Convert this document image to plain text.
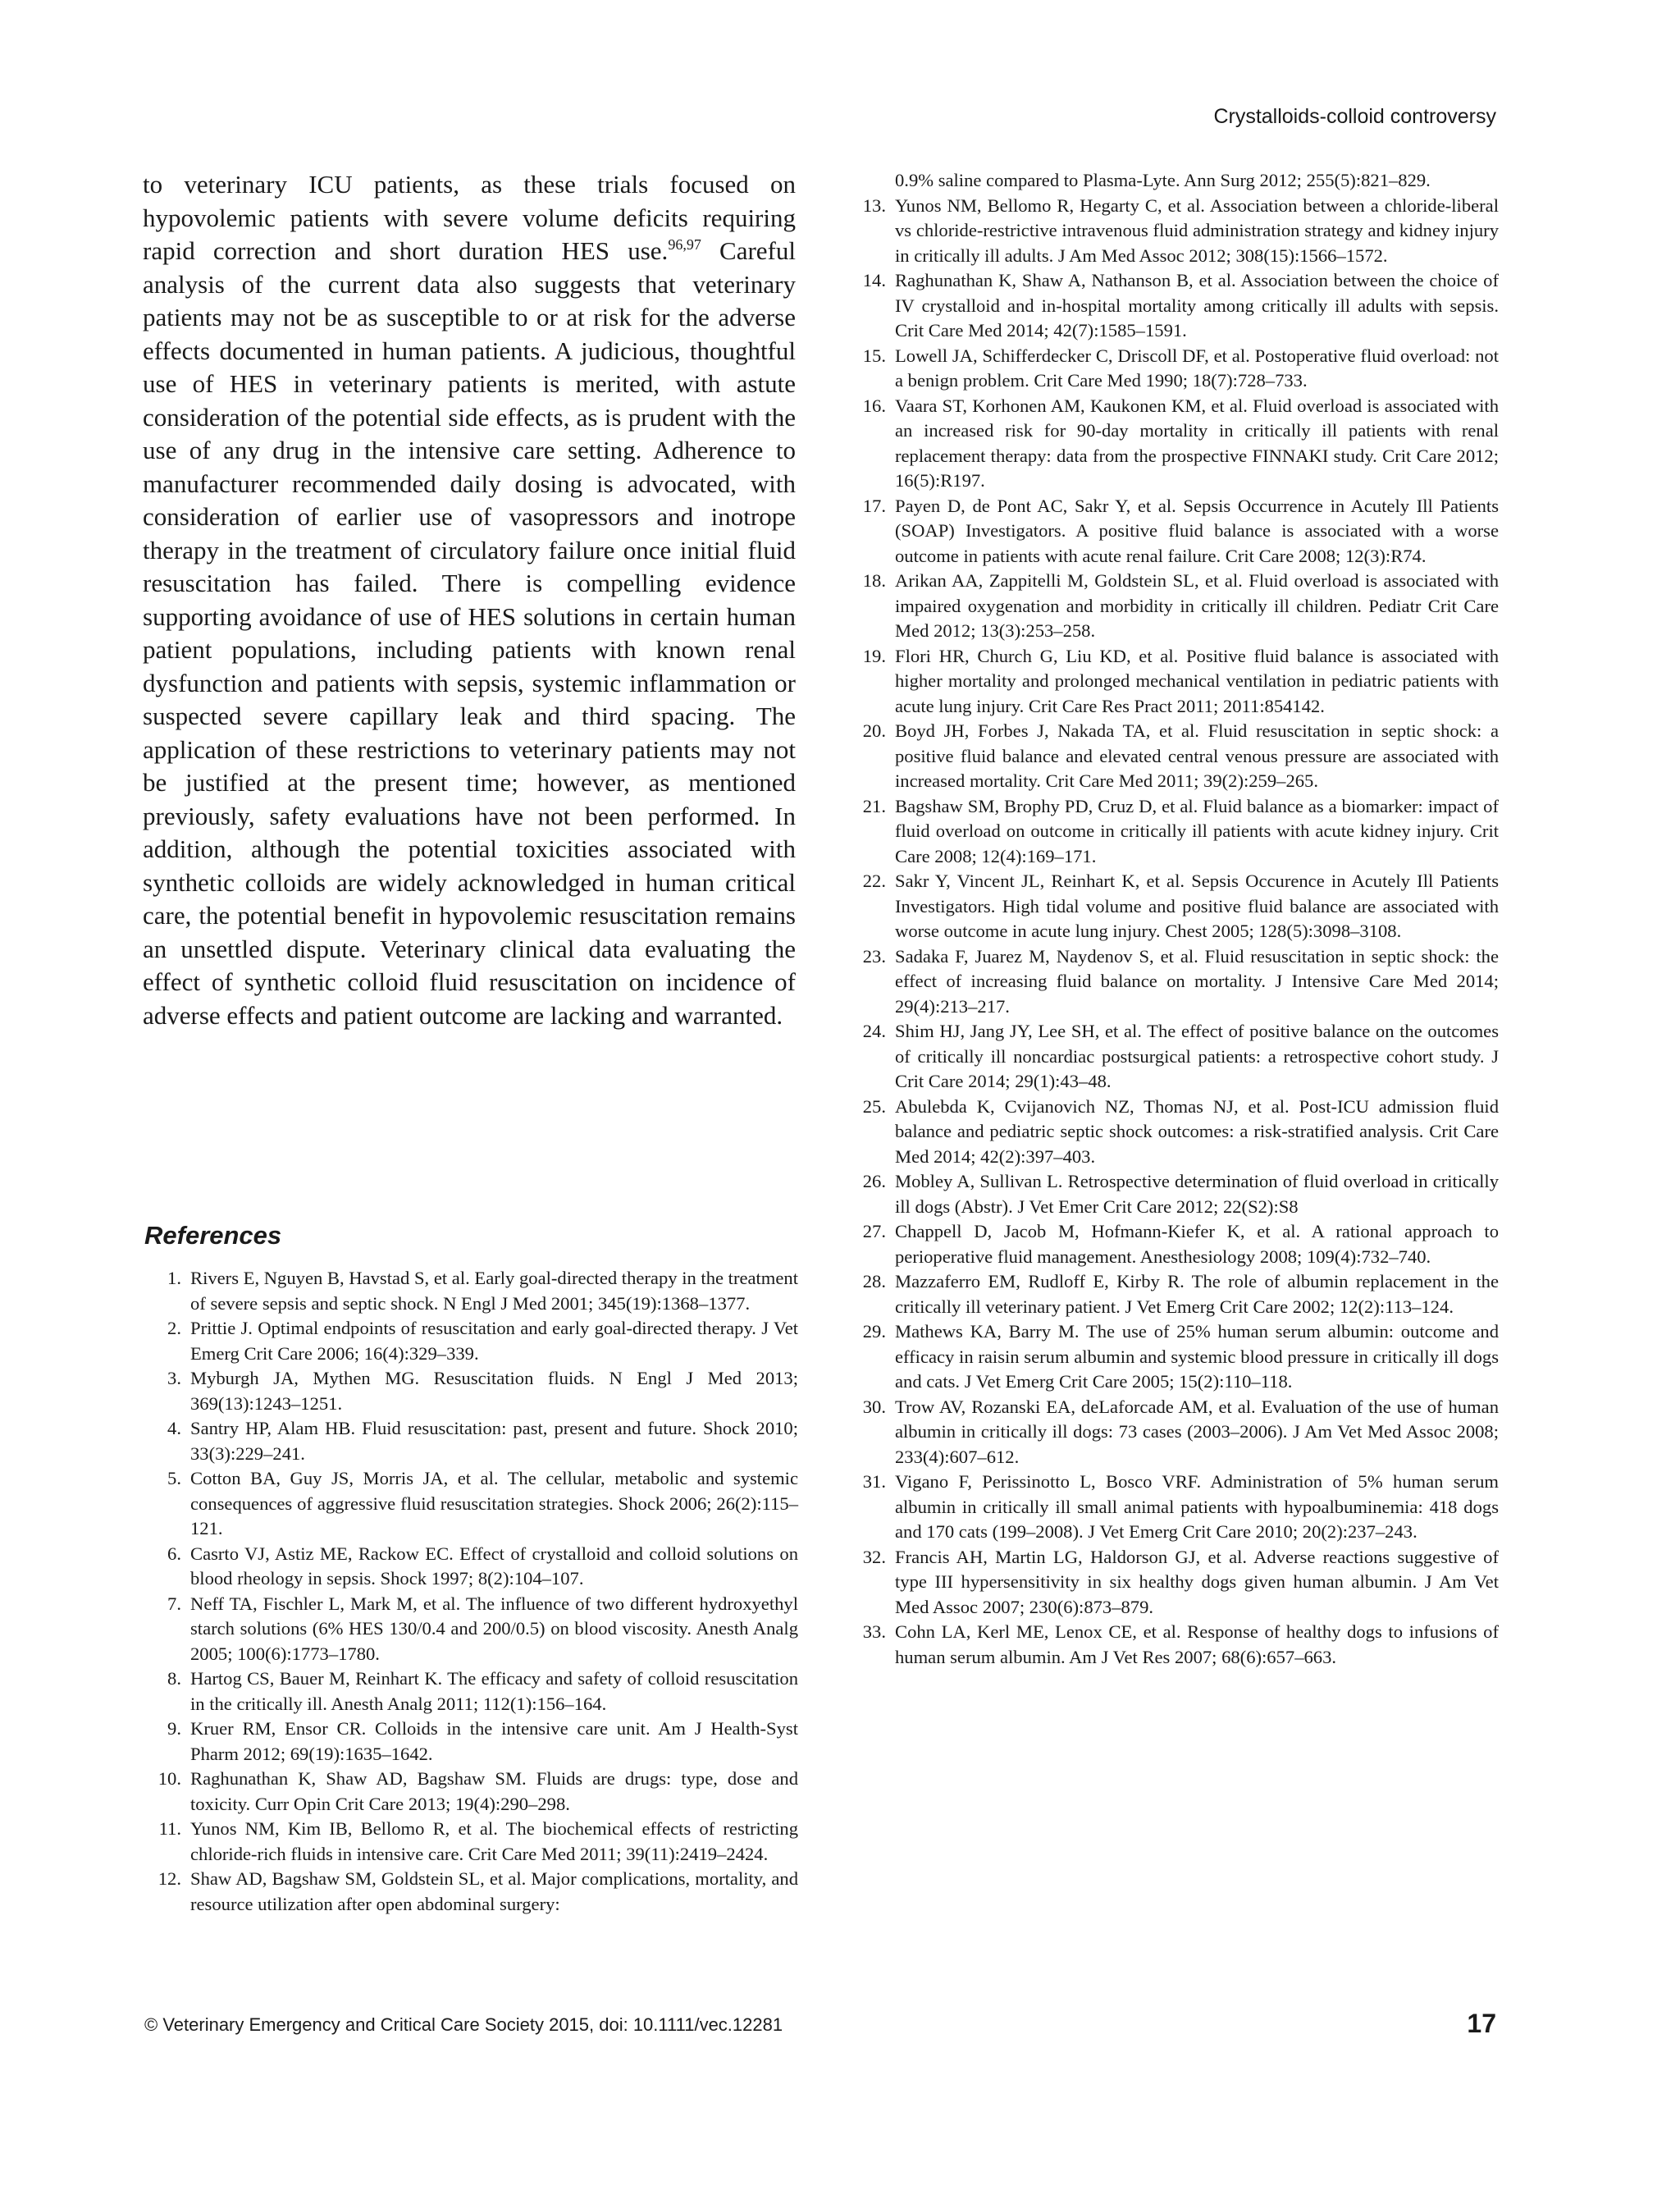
Crystalloids-colloid controversy

to veterinary ICU patients, as these trials focused on hypovolemic patients with severe volume deficits requiring rapid correction and short duration HES use.$^{96,97}$ Careful analysis of the current data also suggests that veterinary patients may not be as susceptible to or at risk for the adverse effects documented in human patients. A judicious, thoughtful use of HES in veterinary patients is merited, with astute consideration of the potential side effects, as is prudent with the use of any drug in the intensive care setting. Adherence to manufacturer recommended daily dosing is advocated, with consideration of earlier use of vasopressors and inotrope therapy in the treatment of circulatory failure once initial fluid resuscitation has failed. There is compelling evidence supporting avoidance of use of HES solutions in certain human patient populations, including patients with known renal dysfunction and patients with sepsis, systemic inflammation or suspected severe capillary leak and third spacing. The application of these restrictions to veterinary patients may not be justified at the present time; however, as mentioned previously, safety evaluations have not been performed. In addition, although the potential toxicities associated with synthetic colloids are widely acknowledged in human critical care, the potential benefit in hypovolemic resuscitation remains an unsettled dispute. Veterinary clinical data evaluating the effect of synthetic colloid fluid resuscitation on incidence of adverse effects and patient outcome are lacking and warranted.

References
1. Rivers E, Nguyen B, Havstad S, et al. Early goal-directed therapy in the treatment of severe sepsis and septic shock. N Engl J Med 2001; 345(19):1368–1377.
2. Prittie J. Optimal endpoints of resuscitation and early goal-directed therapy. J Vet Emerg Crit Care 2006; 16(4):329–339.
3. Myburgh JA, Mythen MG. Resuscitation fluids. N Engl J Med 2013; 369(13):1243–1251.
4. Santry HP, Alam HB. Fluid resuscitation: past, present and future. Shock 2010; 33(3):229–241.
5. Cotton BA, Guy JS, Morris JA, et al. The cellular, metabolic and systemic consequences of aggressive fluid resuscitation strategies. Shock 2006; 26(2):115–121.
6. Casrto VJ, Astiz ME, Rackow EC. Effect of crystalloid and colloid solutions on blood rheology in sepsis. Shock 1997; 8(2):104–107.
7. Neff TA, Fischler L, Mark M, et al. The influence of two different hydroxyethyl starch solutions (6% HES 130/0.4 and 200/0.5) on blood viscosity. Anesth Analg 2005; 100(6):1773–1780.
8. Hartog CS, Bauer M, Reinhart K. The efficacy and safety of colloid resuscitation in the critically ill. Anesth Analg 2011; 112(1):156–164.
9. Kruer RM, Ensor CR. Colloids in the intensive care unit. Am J Health-Syst Pharm 2012; 69(19):1635–1642.
10. Raghunathan K, Shaw AD, Bagshaw SM. Fluids are drugs: type, dose and toxicity. Curr Opin Crit Care 2013; 19(4):290–298.
11. Yunos NM, Kim IB, Bellomo R, et al. The biochemical effects of restricting chloride-rich fluids in intensive care. Crit Care Med 2011; 39(11):2419–2424.
12. Shaw AD, Bagshaw SM, Goldstein SL, et al. Major complications, mortality, and resource utilization after open abdominal surgery:

0.9% saline compared to Plasma-Lyte. Ann Surg 2012; 255(5):821–829.

13. Yunos NM, Bellomo R, Hegarty C, et al. Association between a chloride-liberal vs chloride-restrictive intravenous fluid administration strategy and kidney injury in critically ill adults. J Am Med Assoc 2012; 308(15):1566–1572.
14. Raghunathan K, Shaw A, Nathanson B, et al. Association between the choice of IV crystalloid and in-hospital mortality among critically ill adults with sepsis. Crit Care Med 2014; 42(7):1585–1591.
15. Lowell JA, Schifferdecker C, Driscoll DF, et al. Postoperative fluid overload: not a benign problem. Crit Care Med 1990; 18(7):728–733.
16. Vaara ST, Korhonen AM, Kaukonen KM, et al. Fluid overload is associated with an increased risk for 90-day mortality in critically ill patients with renal replacement therapy: data from the prospective FINNAKI study. Crit Care 2012; 16(5):R197.
17. Payen D, de Pont AC, Sakr Y, et al. Sepsis Occurrence in Acutely Ill Patients (SOAP) Investigators. A positive fluid balance is associated with a worse outcome in patients with acute renal failure. Crit Care 2008; 12(3):R74.
18. Arikan AA, Zappitelli M, Goldstein SL, et al. Fluid overload is associated with impaired oxygenation and morbidity in critically ill children. Pediatr Crit Care Med 2012; 13(3):253–258.
19. Flori HR, Church G, Liu KD, et al. Positive fluid balance is associated with higher mortality and prolonged mechanical ventilation in pediatric patients with acute lung injury. Crit Care Res Pract 2011; 2011:854142.
20. Boyd JH, Forbes J, Nakada TA, et al. Fluid resuscitation in septic shock: a positive fluid balance and elevated central venous pressure are associated with increased mortality. Crit Care Med 2011; 39(2):259–265.
21. Bagshaw SM, Brophy PD, Cruz D, et al. Fluid balance as a biomarker: impact of fluid overload on outcome in critically ill patients with acute kidney injury. Crit Care 2008; 12(4):169–171.
22. Sakr Y, Vincent JL, Reinhart K, et al. Sepsis Occurence in Acutely Ill Patients Investigators. High tidal volume and positive fluid balance are associated with worse outcome in acute lung injury. Chest 2005; 128(5):3098–3108.
23. Sadaka F, Juarez M, Naydenov S, et al. Fluid resuscitation in septic shock: the effect of increasing fluid balance on mortality. J Intensive Care Med 2014; 29(4):213–217.
24. Shim HJ, Jang JY, Lee SH, et al. The effect of positive balance on the outcomes of critically ill noncardiac postsurgical patients: a retrospective cohort study. J Crit Care 2014; 29(1):43–48.
25. Abulebda K, Cvijanovich NZ, Thomas NJ, et al. Post-ICU admission fluid balance and pediatric septic shock outcomes: a risk-stratified analysis. Crit Care Med 2014; 42(2):397–403.
26. Mobley A, Sullivan L. Retrospective determination of fluid overload in critically ill dogs (Abstr). J Vet Emer Crit Care 2012; 22(S2):S8
27. Chappell D, Jacob M, Hofmann-Kiefer K, et al. A rational approach to perioperative fluid management. Anesthesiology 2008; 109(4):732–740.
28. Mazzaferro EM, Rudloff E, Kirby R. The role of albumin replacement in the critically ill veterinary patient. J Vet Emerg Crit Care 2002; 12(2):113–124.
29. Mathews KA, Barry M. The use of 25% human serum albumin: outcome and efficacy in raisin serum albumin and systemic blood pressure in critically ill dogs and cats. J Vet Emerg Crit Care 2005; 15(2):110–118.
30. Trow AV, Rozanski EA, deLaforcade AM, et al. Evaluation of the use of human albumin in critically ill dogs: 73 cases (2003–2006). J Am Vet Med Assoc 2008; 233(4):607–612.
31. Vigano F, Perissinotto L, Bosco VRF. Administration of 5% human serum albumin in critically ill small animal patients with hypoalbuminemia: 418 dogs and 170 cats (199–2008). J Vet Emerg Crit Care 2010; 20(2):237–243.
32. Francis AH, Martin LG, Haldorson GJ, et al. Adverse reactions suggestive of type III hypersensitivity in six healthy dogs given human albumin. J Am Vet Med Assoc 2007; 230(6):873–879.
33. Cohn LA, Kerl ME, Lenox CE, et al. Response of healthy dogs to infusions of human serum albumin. Am J Vet Res 2007; 68(6):657–663.
© Veterinary Emergency and Critical Care Society 2015, doi: 10.1111/vec.12281	17
